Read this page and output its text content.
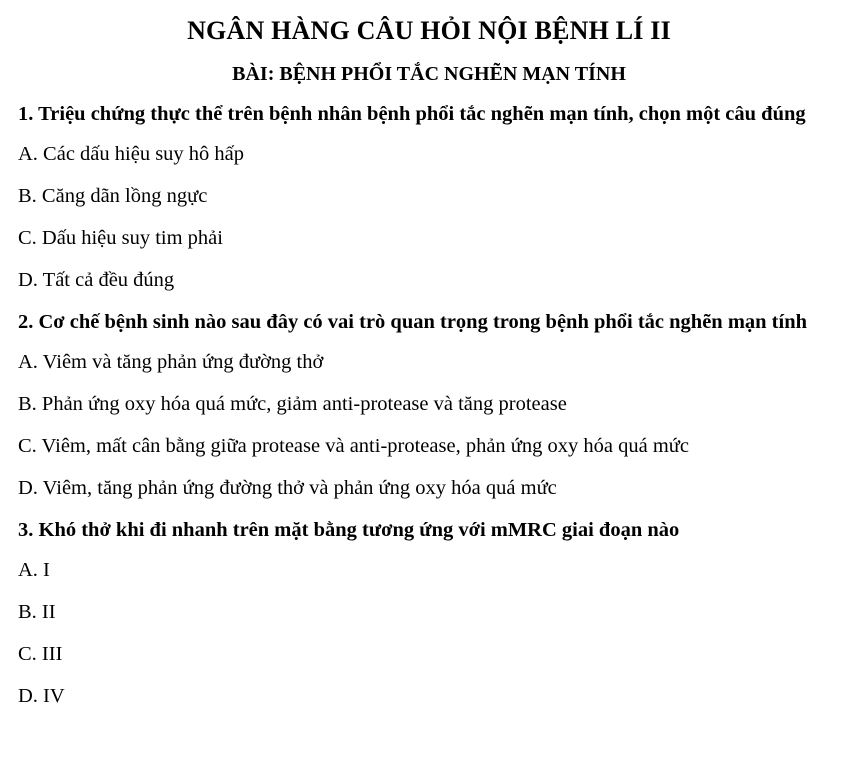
NGÂN HÀNG CÂU HỎI NỘI BỆNH LÍ II
BÀI: BỆNH PHỔI TẮC NGHẼN MẠN TÍNH

1. Triệu chứng thực thể trên bệnh nhân bệnh phổi tắc nghẽn mạn tính, chọn một câu đúng

A. Các dấu hiệu suy hô hấp

B. Căng dãn lồng ngực

C. Dấu hiệu suy tim phải

D. Tất cả đều đúng

2. Cơ chế bệnh sinh nào sau đây có vai trò quan trọng trong bệnh phổi tắc nghẽn mạn tính

A. Viêm và tăng phản ứng đường thở

B. Phản ứng oxy hóa quá mức, giảm anti-protease và tăng protease

C. Viêm, mất cân bằng giữa protease và anti-protease, phản ứng oxy hóa quá mức

D. Viêm, tăng phản ứng đường thở và phản ứng oxy hóa quá mức

3. Khó thở khi đi nhanh trên mặt bằng tương ứng với mMRC giai đoạn nào

A. I

B. II

C. III

D. IV
